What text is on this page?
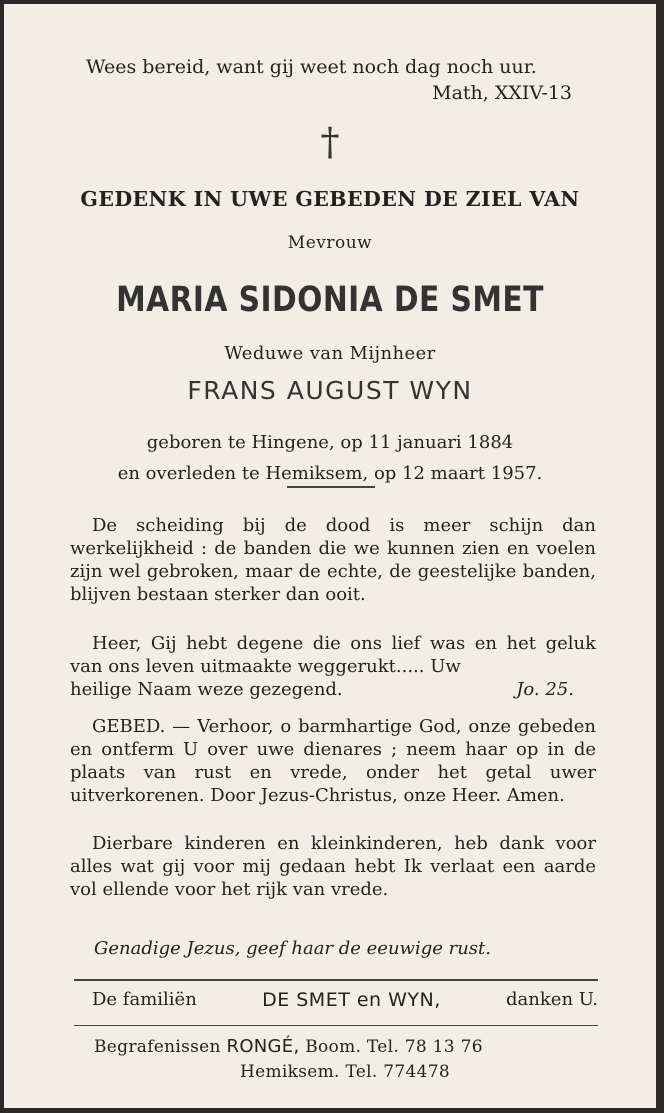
Wees bereid, want gij weet noch dag noch uur.
Math, XXIV-13
†
GEDENK IN UWE GEBEDEN DE ZIEL VAN
Mevrouw
MARIA SIDONIA DE SMET
Weduwe van Mijnheer
FRANS AUGUST WYN
geboren te Hingene, op 11 januari 1884
en overleden te Hemiksem, op 12 maart 1957.

De scheiding bij de dood is meer schijn dan werkelijkheid : de banden die we kunnen zien en voelen zijn wel gebroken, maar de echte, de geestelijke banden, blijven bestaan sterker dan ooit.

Heer, Gij hebt degene die ons lief was en het geluk van ons leven uitmaakte weggerukt..... Uw

heilige Naam weze gezegend.	Jo. 25.

GEBED. — Verhoor, o barmhartige God, onze gebeden en ontferm U over uwe dienares ; neem haar op in de plaats van rust en vrede, onder het getal uwer uitverkorenen. Door Jezus-Christus, onze Heer. Amen.

Dierbare kinderen en kleinkinderen, heb dank voor alles wat gij voor mij gedaan hebt Ik verlaat een aarde vol ellende voor het rijk van vrede.

Genadige Jezus, geef haar de eeuwige rust.
De familiën	DE SMET en WYN,	danken U.
Begrafenissen RONGÉ, Boom. Tel. 78 13 76
Hemiksem. Tel. 774478
